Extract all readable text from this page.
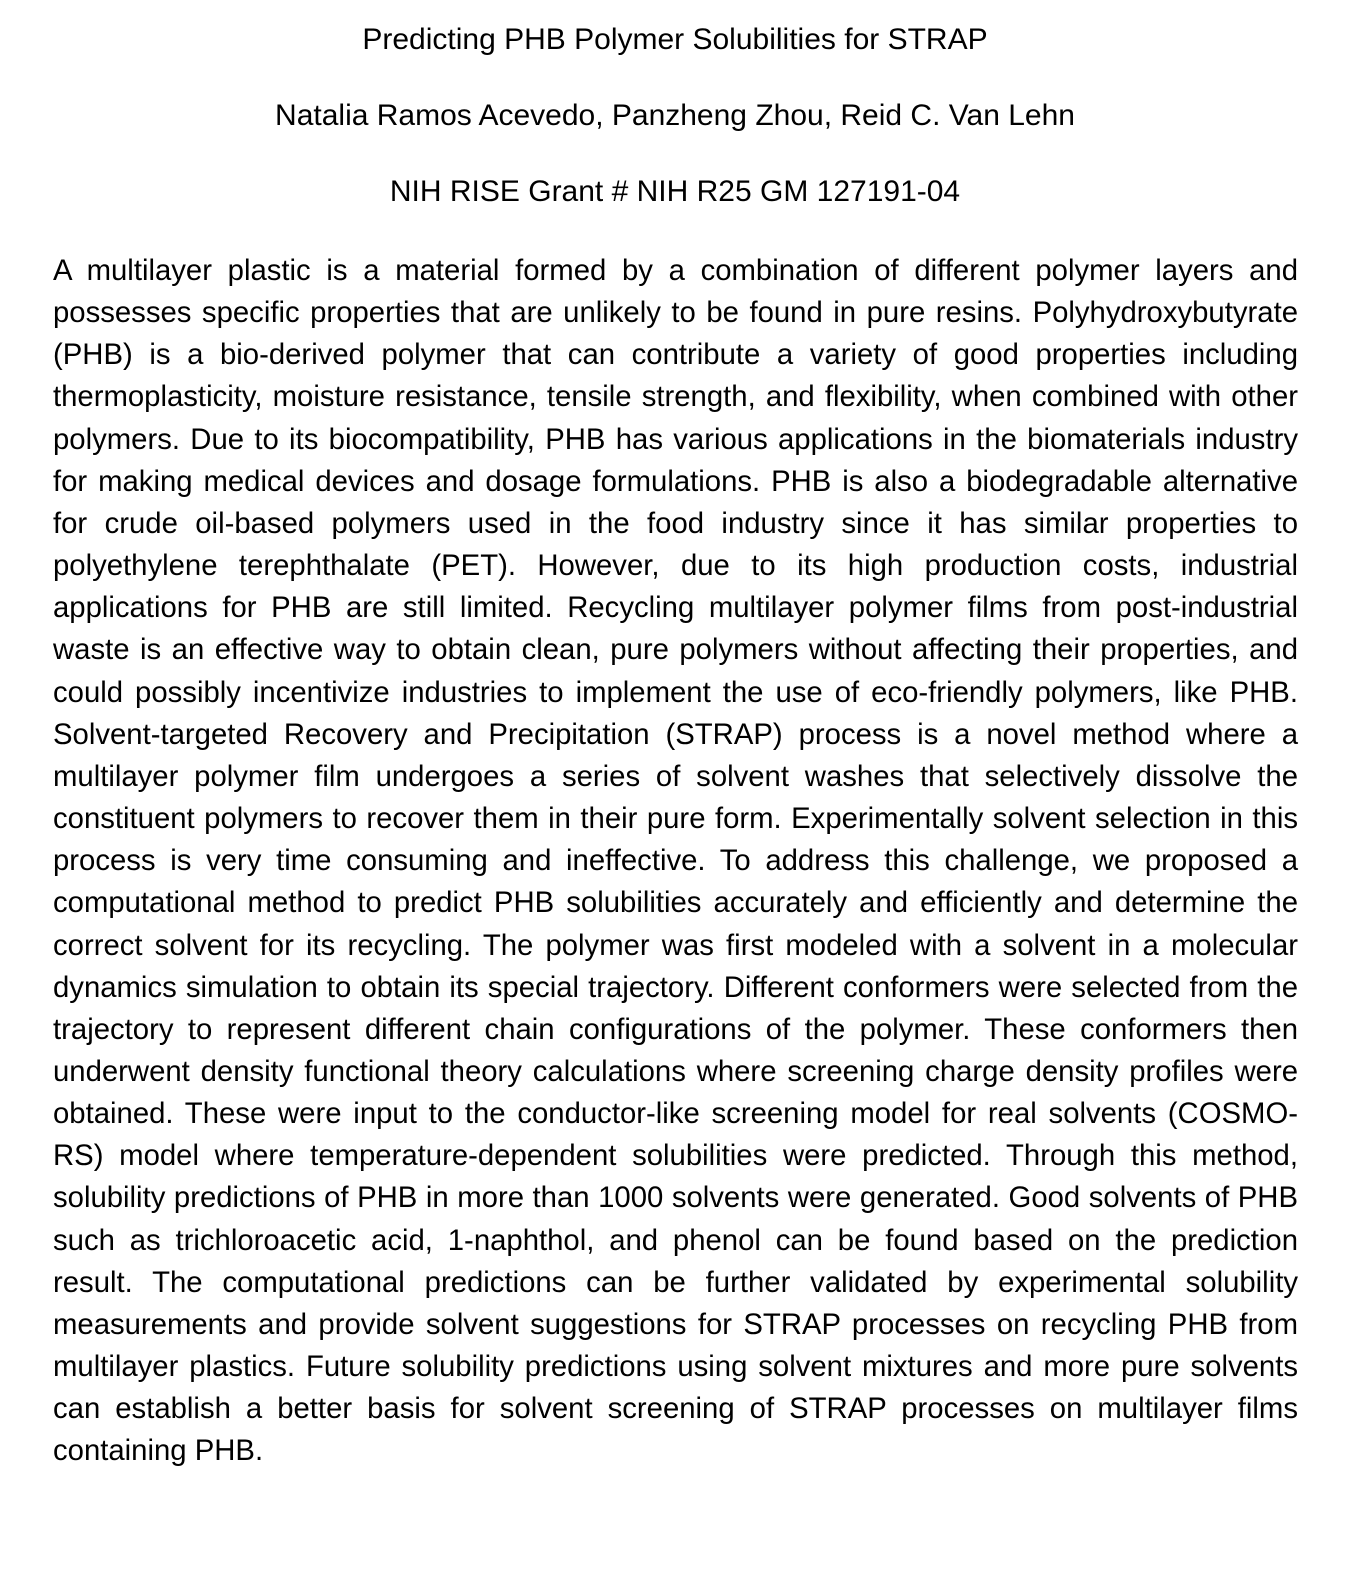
Predicting PHB Polymer Solubilities for STRAP
Natalia Ramos Acevedo, Panzheng Zhou, Reid C. Van Lehn
NIH RISE Grant # NIH R25 GM 127191-04

A multilayer plastic is a material formed by a combination of different polymer layers and possesses specific properties that are unlikely to be found in pure resins. Polyhydroxybutyrate (PHB) is a bio-derived polymer that can contribute a variety of good properties including thermoplasticity, moisture resistance, tensile strength, and flexibility, when combined with other polymers. Due to its biocompatibility, PHB has various applications in the biomaterials industry for making medical devices and dosage formulations. PHB is also a biodegradable alternative for crude oil-based polymers used in the food industry since it has similar properties to polyethylene terephthalate (PET). However, due to its high production costs, industrial applications for PHB are still limited. Recycling multilayer polymer films from post-industrial waste is an effective way to obtain clean, pure polymers without affecting their properties, and could possibly incentivize industries to implement the use of eco-friendly polymers, like PHB. Solvent-targeted Recovery and Precipitation (STRAP) process is a novel method where a multilayer polymer film undergoes a series of solvent washes that selectively dissolve the constituent polymers to recover them in their pure form. Experimentally solvent selection in this process is very time consuming and ineffective. To address this challenge, we proposed a computational method to predict PHB solubilities accurately and efficiently and determine the correct solvent for its recycling. The polymer was first modeled with a solvent in a molecular dynamics simulation to obtain its special trajectory. Different conformers were selected from the trajectory to represent different chain configurations of the polymer. These conformers then underwent density functional theory calculations where screening charge density profiles were obtained. These were input to the conductor-like screening model for real solvents (COSMO-RS) model where temperature-dependent solubilities were predicted. Through this method, solubility predictions of PHB in more than 1000 solvents were generated. Good solvents of PHB such as trichloroacetic acid, 1-naphthol, and phenol can be found based on the prediction result. The computational predictions can be further validated by experimental solubility measurements and provide solvent suggestions for STRAP processes on recycling PHB from multilayer plastics. Future solubility predictions using solvent mixtures and more pure solvents can establish a better basis for solvent screening of STRAP processes on multilayer films containing PHB.
